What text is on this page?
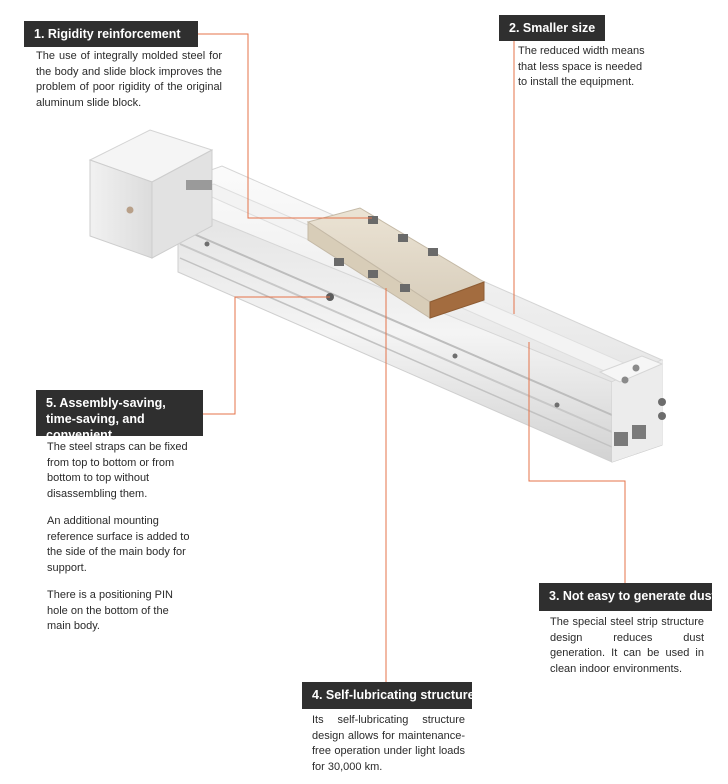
1. Rigidity reinforcement
The use of integrally molded steel for the body and slide block improves the problem of poor rigidity of the original aluminum slide block.
2. Smaller size
The reduced width means that less space is needed to install the equipment.
3. Not easy to generate dust
The special steel strip structure design reduces dust generation. It can be used in clean indoor environments.
4. Self-lubricating structure
Its self-lubricating structure design allows for maintenance-free operation under light loads for 30,000 km.
5. Assembly-saving, time-saving, and convenient

The steel straps can be fixed from top to bottom or from bottom to top without disassembling them.

An additional mounting reference surface is added to the side of the main body for support.

There is a positioning PIN hole on the bottom of the main body.
